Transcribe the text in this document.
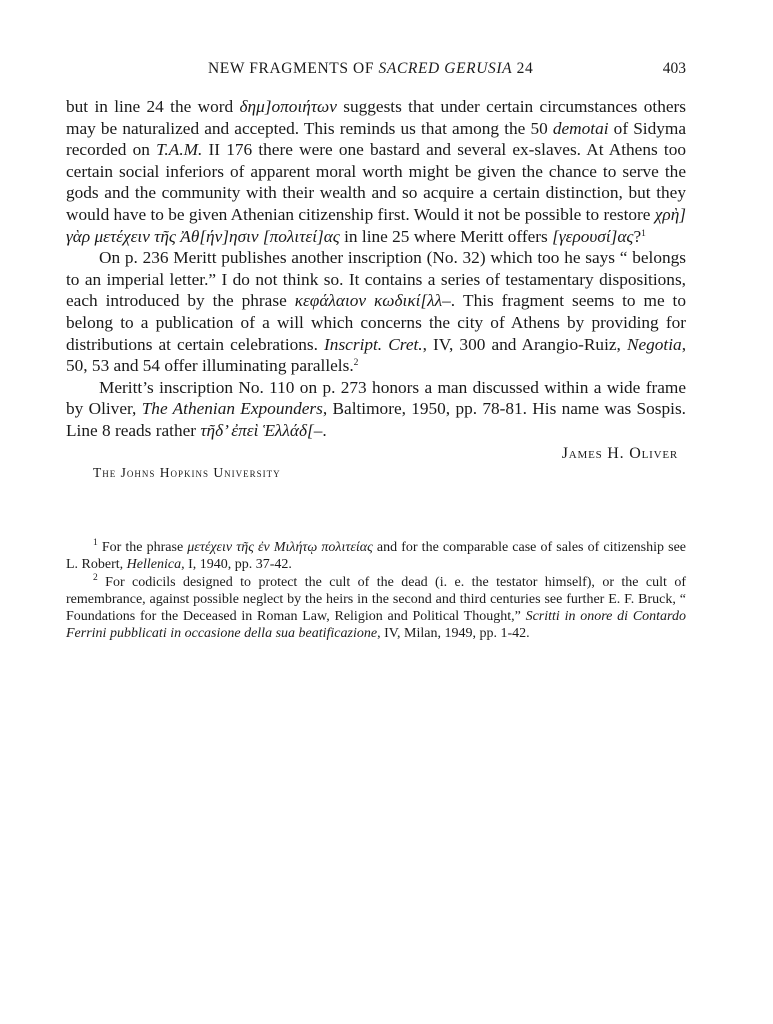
NEW FRAGMENTS OF SACRED GERUSIA 24	403

but in line 24 the word δημ]οποιήτων suggests that under certain circumstances others may be naturalized and accepted. This reminds us that among the 50 demotai of Sidyma recorded on T.A.M. II 176 there were one bastard and several ex-slaves. At Athens too certain social inferiors of apparent moral worth might be given the chance to serve the gods and the community with their wealth and so acquire a certain distinction, but they would have to be given Athenian citizenship first. Would it not be possible to restore χρὴ] γὰρ μετέχειν τῆς Ἀθ[ήν]ησιν [πολιτεί]ας in line 25 where Meritt offers [γερουσί]ας?$^1$

On p. 236 Meritt publishes another inscription (No. 32) which too he says “ belongs to an imperial letter.” I do not think so. It contains a series of testamentary dispositions, each introduced by the phrase κεφάλαιον κωδικί[λλ–. This fragment seems to me to belong to a publication of a will which concerns the city of Athens by providing for distributions at certain celebrations. Inscript. Cret., IV, 300 and Arangio-Ruiz, Negotia, 50, 53 and 54 offer illuminating parallels.$^2$

Meritt’s inscription No. 110 on p. 273 honors a man discussed within a wide frame by Oliver, The Athenian Expounders, Baltimore, 1950, pp. 78-81. His name was Sospis. Line 8 reads rather τῆδ’ ἐπεὶ Ἑλλάδ[–.

James H. Oliver

The Johns Hopkins University

$^1$ For the phrase μετέχειν τῆς ἐν Μιλήτῳ πολιτείας and for the comparable case of sales of citizenship see L. Robert, Hellenica, I, 1940, pp. 37-42.

$^2$ For codicils designed to protect the cult of the dead (i. e. the testator himself), or the cult of remembrance, against possible neglect by the heirs in the second and third centuries see further E. F. Bruck, “ Foundations for the Deceased in Roman Law, Religion and Political Thought,” Scritti in onore di Contardo Ferrini pubblicati in occasione della sua beatificazione, IV, Milan, 1949, pp. 1-42.
